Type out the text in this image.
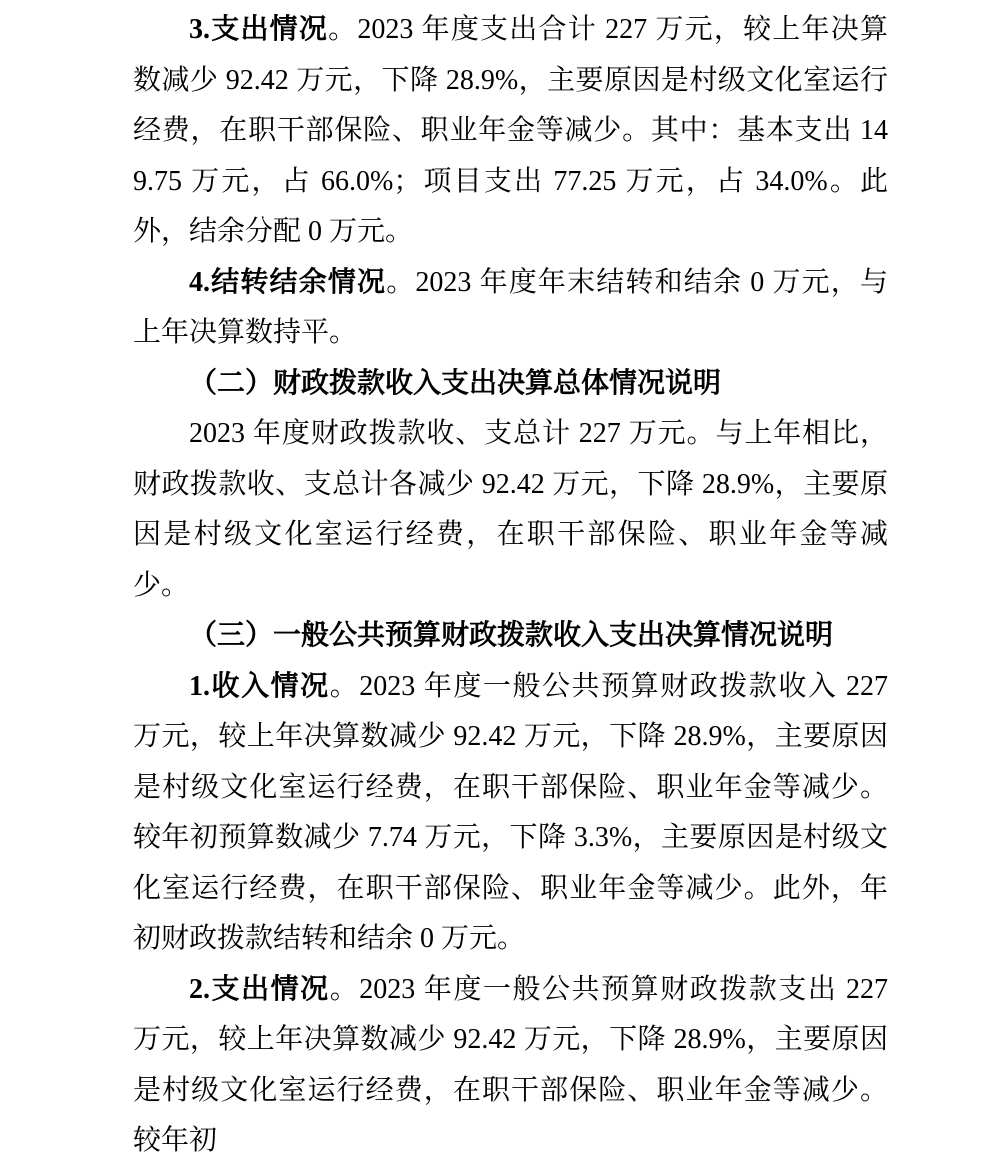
3.支出情况。2023 年度支出合计 227 万元，较上年决算数减少 92.42 万元，下降 28.9%，主要原因是村级文化室运行经费，在职干部保险、职业年金等减少。其中：基本支出 149.75 万元，占 66.0%；项目支出 77.25 万元，占 34.0%。此外，结余分配 0 万元。

4.结转结余情况。2023 年度年末结转和结余 0 万元，与上年决算数持平。

（二）财政拨款收入支出决算总体情况说明

2023 年度财政拨款收、支总计 227 万元。与上年相比，财政拨款收、支总计各减少 92.42 万元，下降 28.9%，主要原因是村级文化室运行经费，在职干部保险、职业年金等减少。

（三）一般公共预算财政拨款收入支出决算情况说明

1.收入情况。2023 年度一般公共预算财政拨款收入 227 万元，较上年决算数减少 92.42 万元，下降 28.9%，主要原因是村级文化室运行经费，在职干部保险、职业年金等减少。较年初预算数减少 7.74 万元，下降 3.3%，主要原因是村级文化室运行经费，在职干部保险、职业年金等减少。此外，年初财政拨款结转和结余 0 万元。

2.支出情况。2023 年度一般公共预算财政拨款支出 227 万元，较上年决算数减少 92.42 万元，下降 28.9%，主要原因是村级文化室运行经费，在职干部保险、职业年金等减少。较年初
